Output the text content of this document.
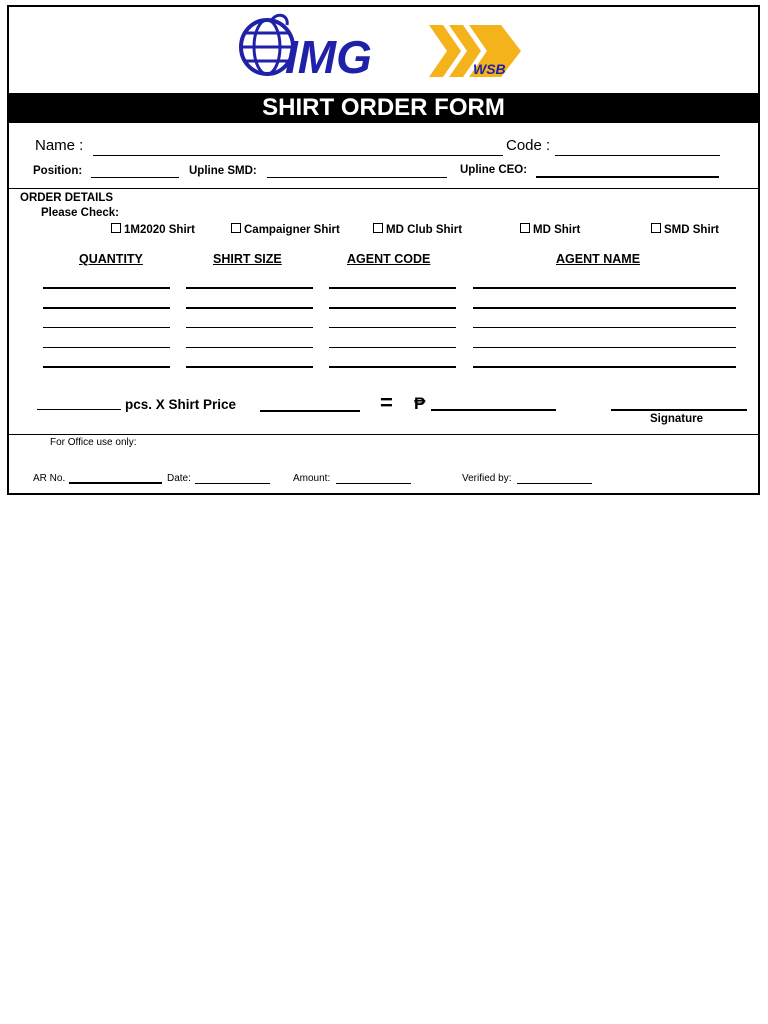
IMG	WSB
SHIRT ORDER FORM
Name :	Code :
Position:	Upline SMD:	Upline CEO:
ORDER DETAILS
Please Check:
1M2020 Shirt	Campaigner Shirt	MD Club Shirt	MD Shirt	SMD Shirt
QUANTITY	SHIRT SIZE	AGENT CODE	AGENT NAME
pcs. X Shirt Price	= ₱
Signature
For Office use only:
AR No.	Date:	Amount:	Verified by:
